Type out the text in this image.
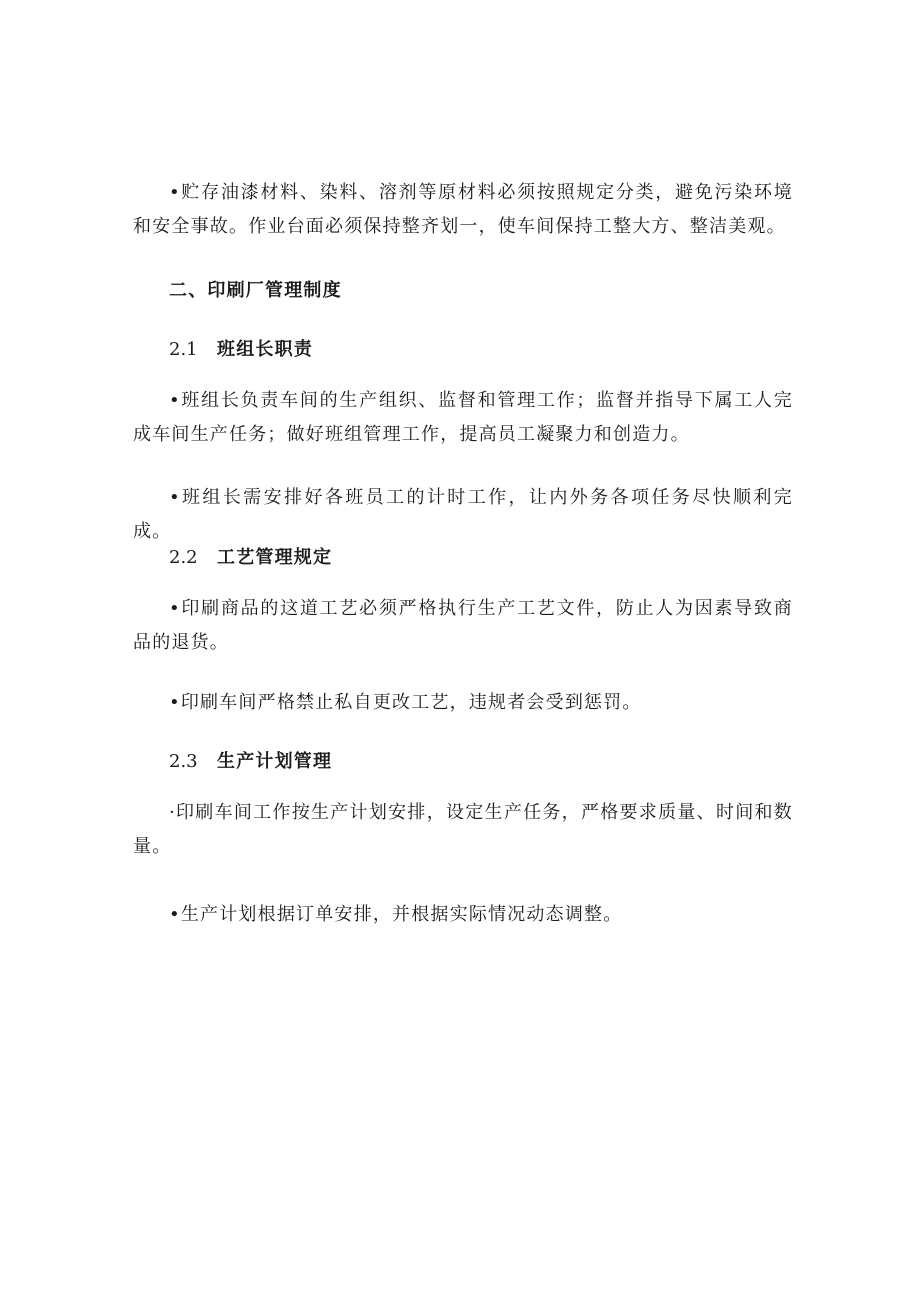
•贮存油漆材料、染料、溶剂等原材料必须按照规定分类，避免污染环境和安全事故。作业台面必须保持整齐划一，使车间保持工整大方、整洁美观。

二、印刷厂管理制度

2.1 班组长职责

•班组长负责车间的生产组织、监督和管理工作；监督并指导下属工人完成车间生产任务；做好班组管理工作，提高员工凝聚力和创造力。

•班组长需安排好各班员工的计时工作，让内外务各项任务尽快顺利完成。

2.2 工艺管理规定

•印刷商品的这道工艺必须严格执行生产工艺文件，防止人为因素导致商品的退货。

•印刷车间严格禁止私自更改工艺，违规者会受到惩罚。

2.3 生产计划管理

·印刷车间工作按生产计划安排，设定生产任务，严格要求质量、时间和数量。

•生产计划根据订单安排，并根据实际情况动态调整。
